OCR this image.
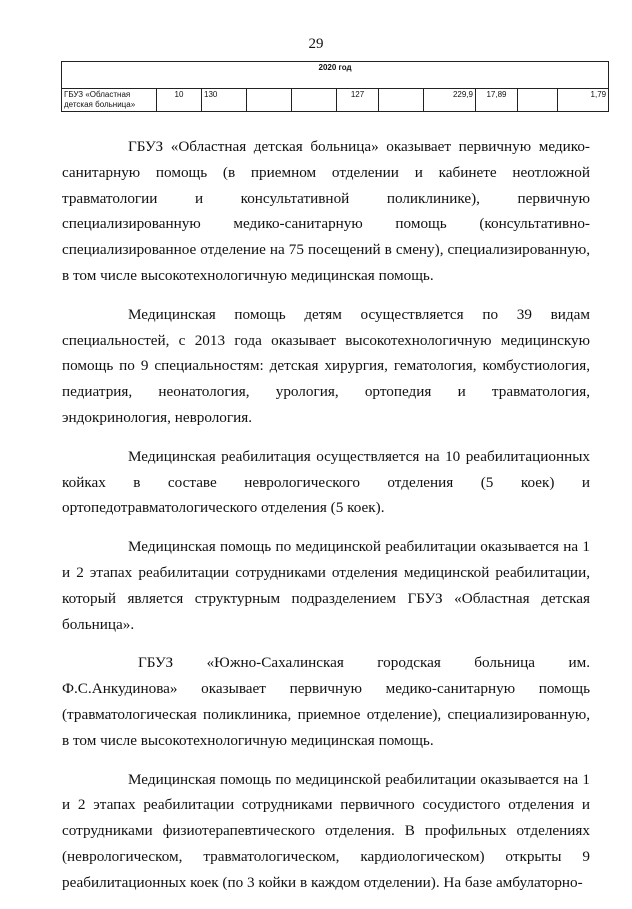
29
2020 год
ГБУЗ «Областная детская больница»	10	130			127		229,9	17,89		1,79

ГБУЗ «Областная детская больница» оказывает первичную медико-санитарную помощь (в приемном отделении и кабинете неотложной травматологии и консультативной поликлинике), первичную специализированную медико-санитарную помощь (консультативно-специализированное отделение на 75 посещений в смену), специализированную, в том числе высокотехнологичную медицинская помощь.

Медицинская помощь детям осуществляется по 39 видам специальностей, с 2013 года оказывает высокотехнологичную медицинскую помощь по 9 специальностям: детская хирургия, гематология, комбустиология, педиатрия, неонатология, урология, ортопедия и травматология, эндокринология, неврология.

Медицинская реабилитация осуществляется на 10 реабилитационных койках в составе неврологического отделения (5 коек) и ортопедотравматологического отделения (5 коек).

Медицинская помощь по медицинской реабилитации оказывается на 1 и 2 этапах реабилитации сотрудниками отделения медицинской реабилитации, который является структурным подразделением ГБУЗ «Областная детская больница».

ГБУЗ «Южно-Сахалинская городская больница им. Ф.С.Анкудинова» оказывает первичную медико-санитарную помощь (травматологическая поликлиника, приемное отделение), специализированную, в том числе высокотехнологичную медицинская помощь.

Медицинская помощь по медицинской реабилитации оказывается на 1 и 2 этапах реабилитации сотрудниками первичного сосудистого отделения и сотрудниками физиотерапевтического отделения. В профильных отделениях (неврологическом, травматологическом, кардиологическом) открыты 9 реабилитационных коек (по 3 койки в каждом отделении). На базе амбулаторно-
